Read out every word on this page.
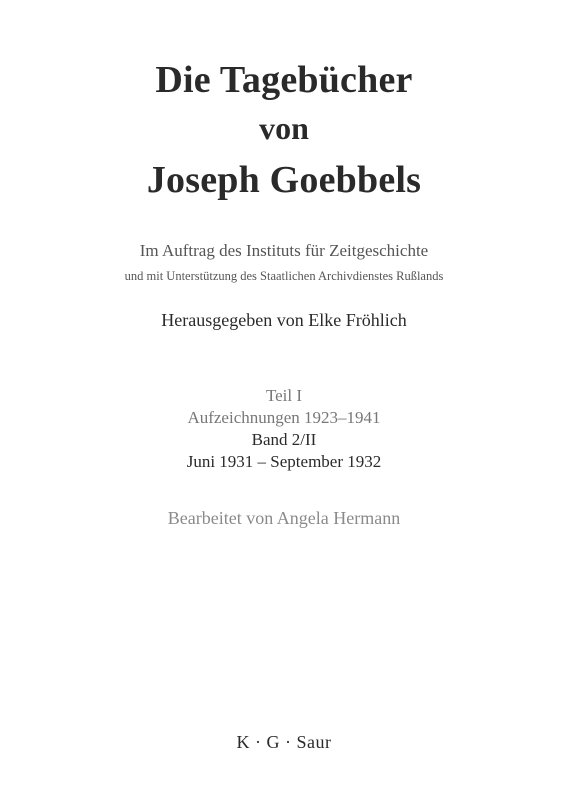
Die Tagebücher
von
Joseph Goebbels
Im Auftrag des Instituts für Zeitgeschichte
und mit Unterstützung des Staatlichen Archivdienstes Rußlands
Herausgegeben von Elke Fröhlich
Teil I
Aufzeichnungen 1923–1941
Band 2/II
Juni 1931 – September 1932
Bearbeitet von Angela Hermann
K · G · Saur
